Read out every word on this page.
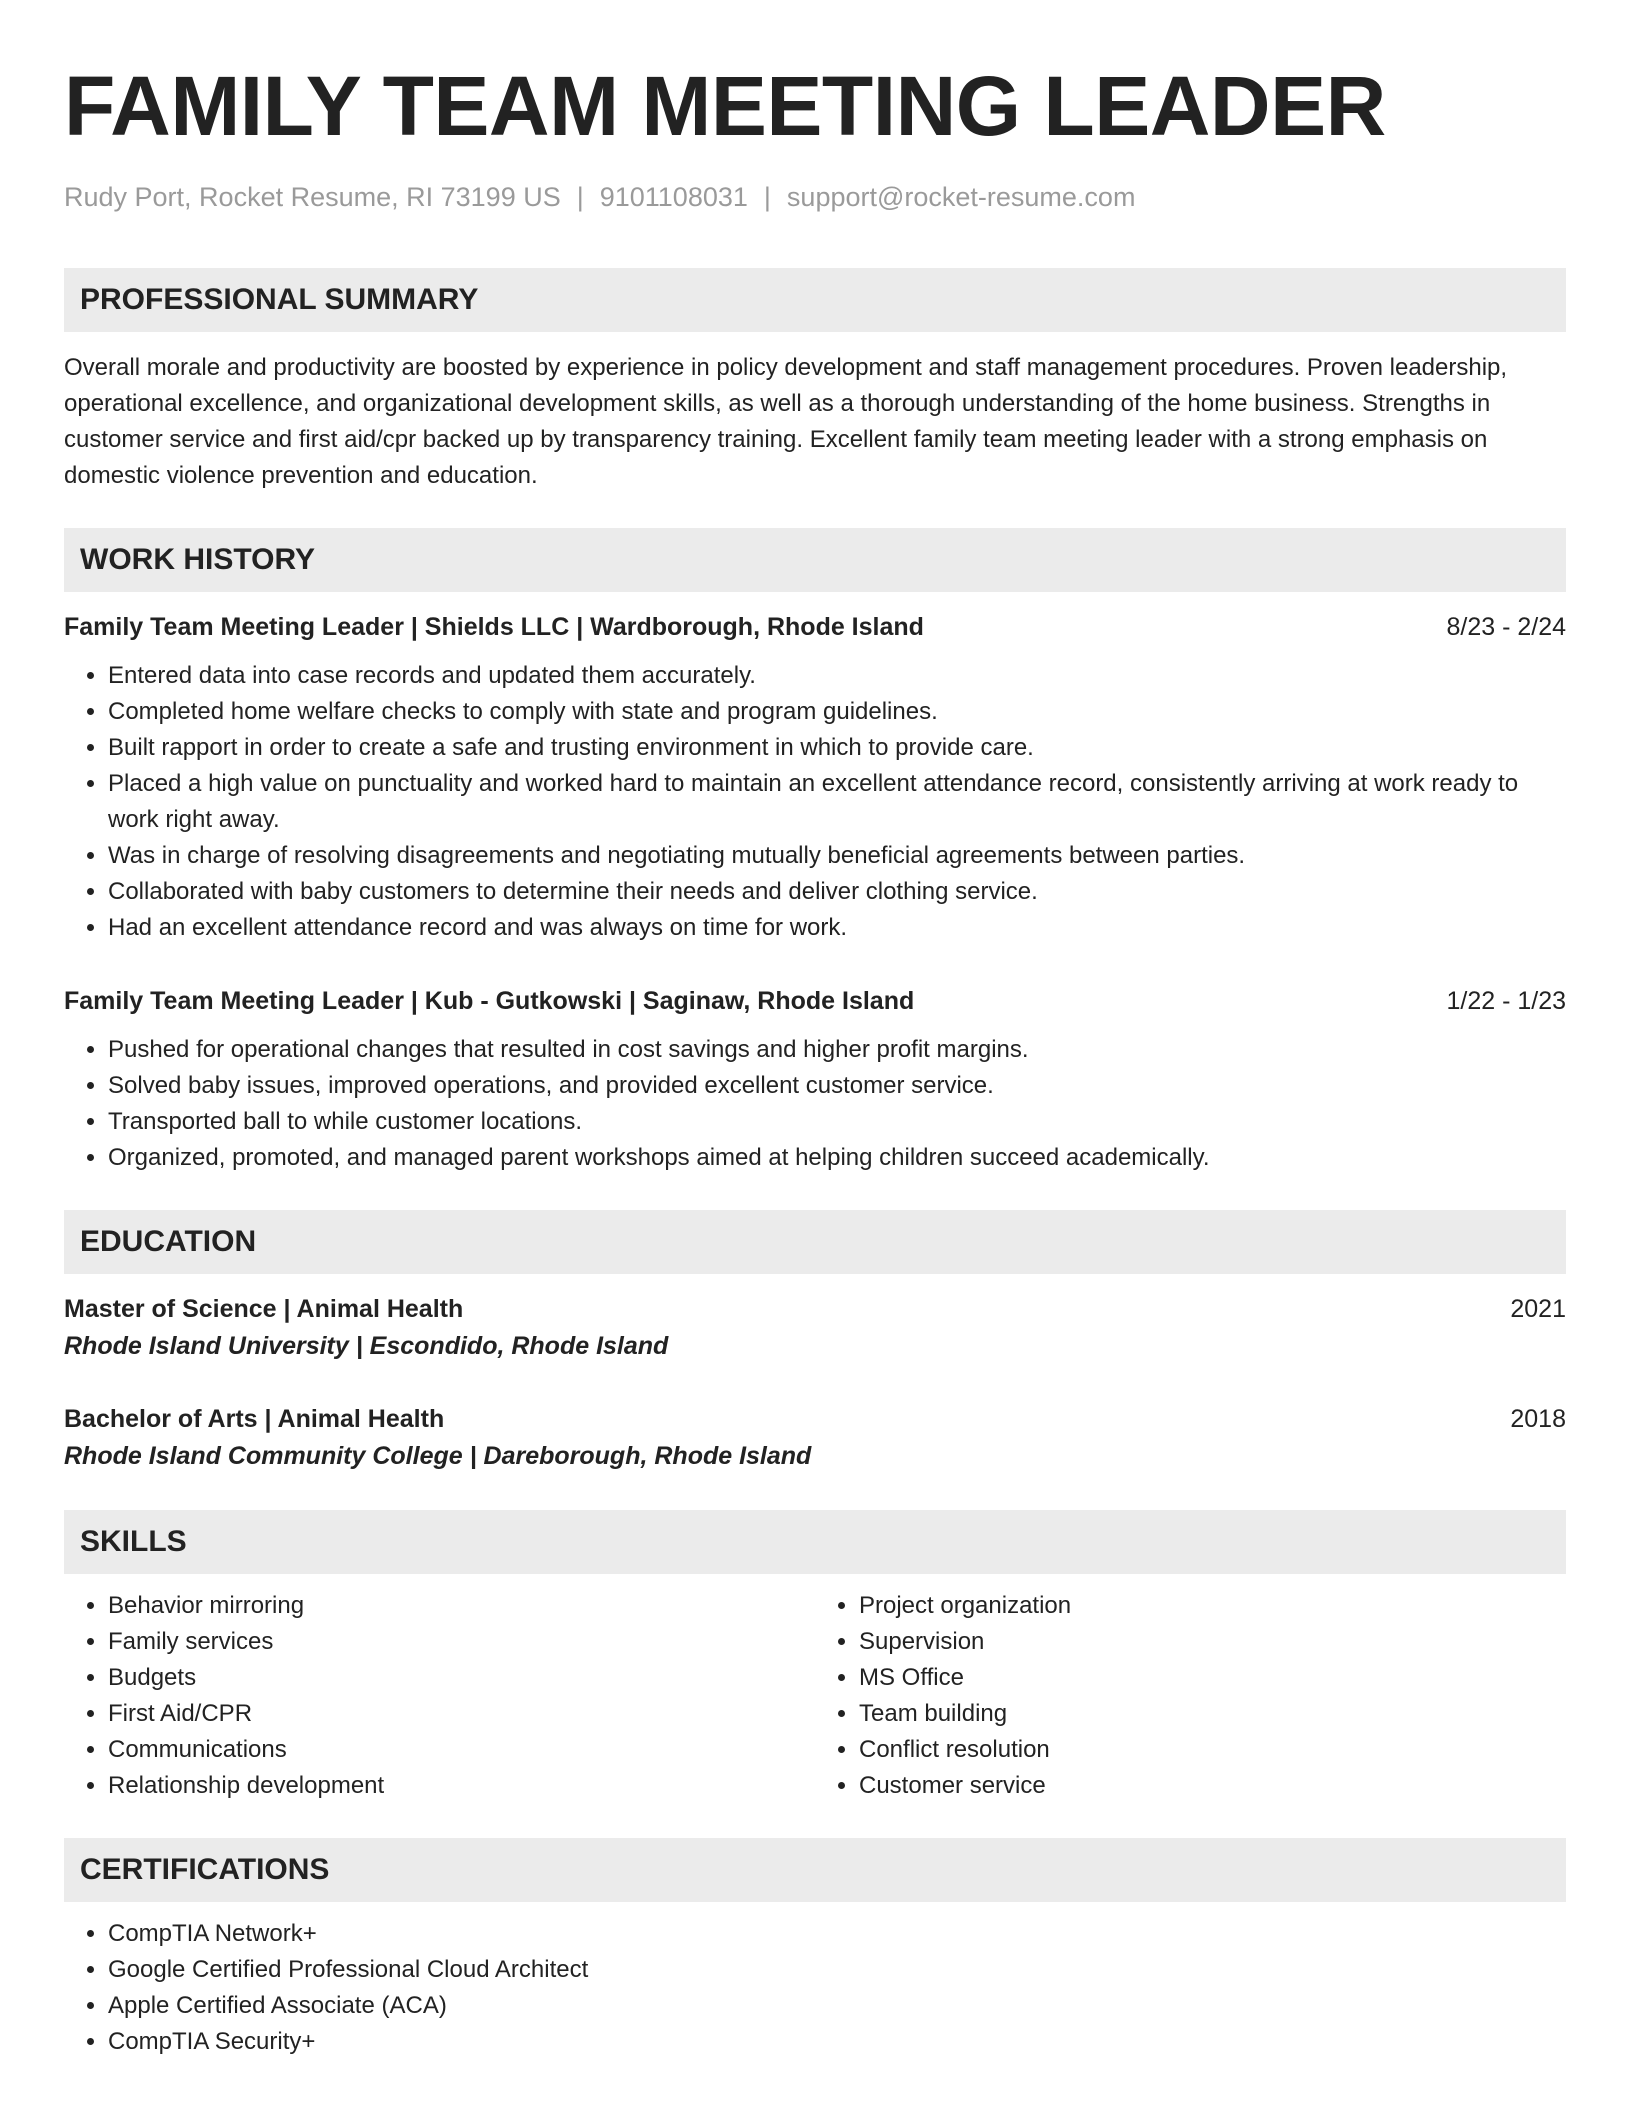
FAMILY TEAM MEETING LEADER
Rudy Port, Rocket Resume, RI 73199 US | 9101108031 | support@rocket-resume.com
PROFESSIONAL SUMMARY
Overall morale and productivity are boosted by experience in policy development and staff management procedures. Proven leadership, operational excellence, and organizational development skills, as well as a thorough understanding of the home business. Strengths in customer service and first aid/cpr backed up by transparency training. Excellent family team meeting leader with a strong emphasis on domestic violence prevention and education.
WORK HISTORY
Family Team Meeting Leader | Shields LLC | Wardborough, Rhode Island	8/23 - 2/24
• Entered data into case records and updated them accurately.
• Completed home welfare checks to comply with state and program guidelines.
• Built rapport in order to create a safe and trusting environment in which to provide care.
• Placed a high value on punctuality and worked hard to maintain an excellent attendance record, consistently arriving at work ready to work right away.
• Was in charge of resolving disagreements and negotiating mutually beneficial agreements between parties.
• Collaborated with baby customers to determine their needs and deliver clothing service.
• Had an excellent attendance record and was always on time for work.
Family Team Meeting Leader | Kub - Gutkowski | Saginaw, Rhode Island	1/22 - 1/23
• Pushed for operational changes that resulted in cost savings and higher profit margins.
• Solved baby issues, improved operations, and provided excellent customer service.
• Transported ball to while customer locations.
• Organized, promoted, and managed parent workshops aimed at helping children succeed academically.
EDUCATION
Master of Science | Animal Health	2021
Rhode Island University | Escondido, Rhode Island
Bachelor of Arts | Animal Health	2018
Rhode Island Community College | Dareborough, Rhode Island
SKILLS
• Behavior mirroring
• Family services
• Budgets
• First Aid/CPR
• Communications
• Relationship development
• Project organization
• Supervision
• MS Office
• Team building
• Conflict resolution
• Customer service
CERTIFICATIONS
• CompTIA Network+
• Google Certified Professional Cloud Architect
• Apple Certified Associate (ACA)
• CompTIA Security+
